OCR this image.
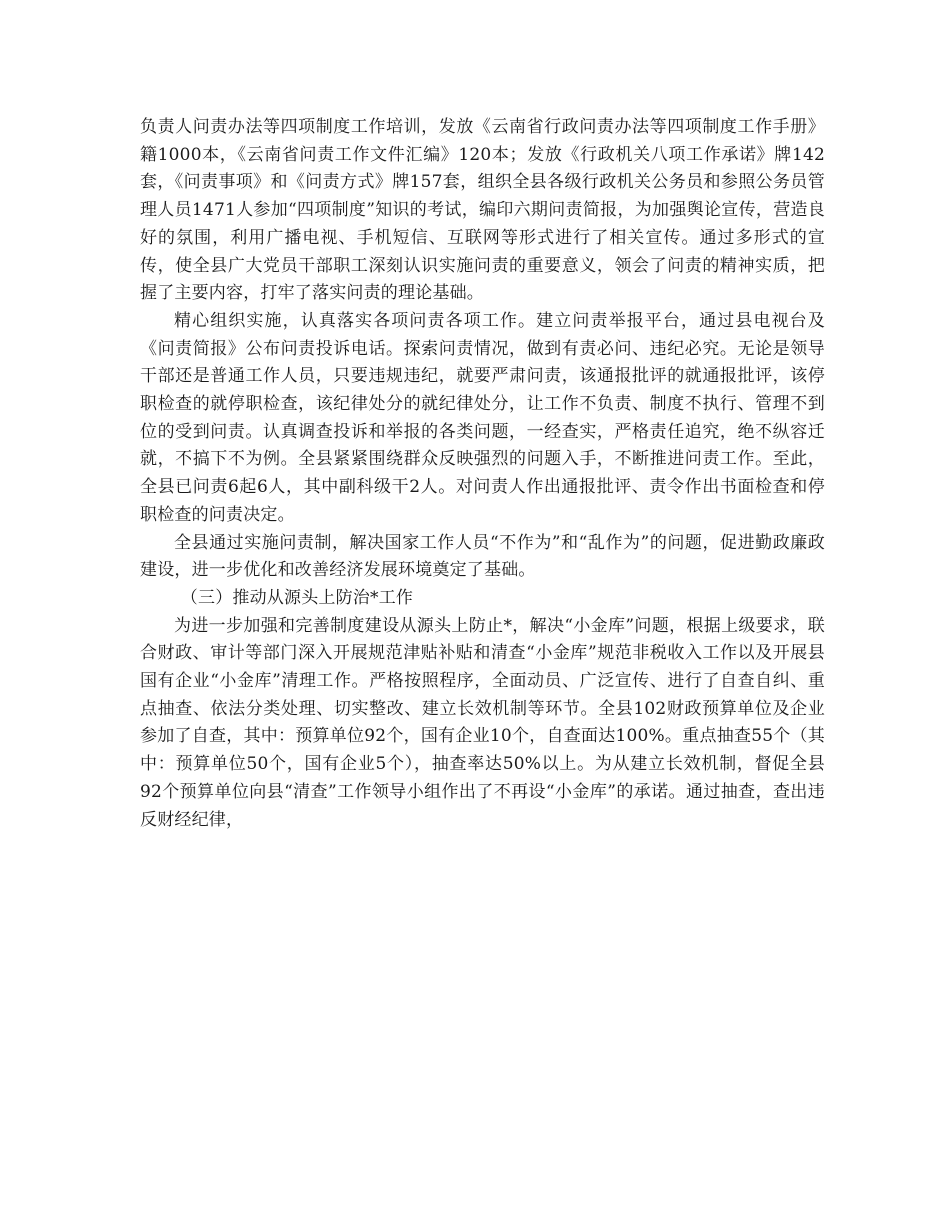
负责人问责办法等四项制度工作培训，发放《云南省行政问责办法等四项制度工作手册》籍1000本，《云南省问责工作文件汇编》120本；发放《行政机关八项工作承诺》牌142套，《问责事项》和《问责方式》牌157套，组织全县各级行政机关公务员和参照公务员管理人员1471人参加“四项制度”知识的考试，编印六期问责简报，为加强舆论宣传，营造良好的氛围，利用广播电视、手机短信、互联网等形式进行了相关宣传。通过多形式的宣传，使全县广大党员干部职工深刻认识实施问责的重要意义，领会了问责的精神实质，把握了主要内容，打牢了落实问责的理论基础。

精心组织实施，认真落实各项问责各项工作。建立问责举报平台，通过县电视台及《问责简报》公布问责投诉电话。探索问责情况，做到有责必问、违纪必究。无论是领导干部还是普通工作人员，只要违规违纪，就要严肃问责，该通报批评的就通报批评，该停职检查的就停职检查，该纪律处分的就纪律处分，让工作不负责、制度不执行、管理不到位的受到问责。认真调查投诉和举报的各类问题，一经查实，严格责任追究，绝不纵容迁就，不搞下不为例。全县紧紧围绕群众反映强烈的问题入手，不断推进问责工作。至此，全县已问责6起6人，其中副科级干2人。对问责人作出通报批评、责令作出书面检查和停职检查的问责决定。

全县通过实施问责制，解决国家工作人员“不作为”和“乱作为”的问题，促进勤政廉政建设，进一步优化和改善经济发展环境奠定了基础。

（三）推动从源头上防治*工作

为进一步加强和完善制度建设从源头上防止*，解决“小金库”问题，根据上级要求，联合财政、审计等部门深入开展规范津贴补贴和清查“小金库”规范非税收入工作以及开展县国有企业“小金库”清理工作。严格按照程序，全面动员、广泛宣传、进行了自查自纠、重点抽查、依法分类处理、切实整改、建立长效机制等环节。全县102财政预算单位及企业参加了自查，其中：预算单位92个，国有企业10个，自查面达100%。重点抽查55个（其中：预算单位50个，国有企业5个），抽查率达50%以上。为从建立长效机制，督促全县92个预算单位向县“清查”工作领导小组作出了不再设“小金库”的承诺。通过抽查，查出违反财经纪律，
